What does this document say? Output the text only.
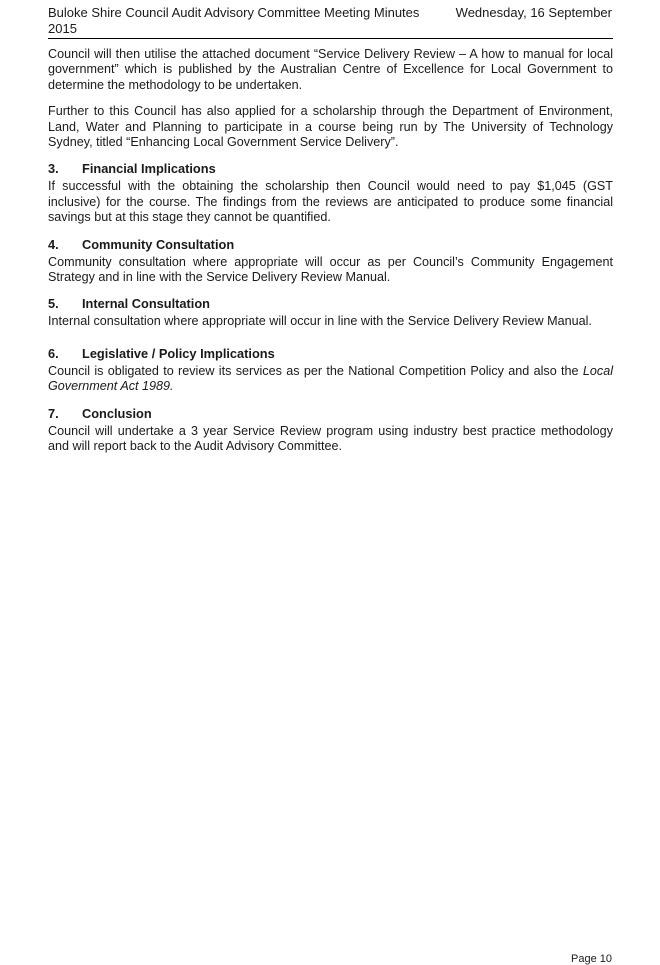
Buloke Shire Council Audit Advisory Committee Meeting Minutes 2015
Wednesday, 16 September

Council will then utilise the attached document “Service Delivery Review – A how to manual for local government” which is published by the Australian Centre of Excellence for Local Government to determine the methodology to be undertaken.

Further to this Council has also applied for a scholarship through the Department of Environment, Land, Water and Planning to participate in a course being run by The University of Technology Sydney, titled “Enhancing Local Government Service Delivery”.

3. Financial Implications

If successful with the obtaining the scholarship then Council would need to pay $1,045 (GST inclusive) for the course. The findings from the reviews are anticipated to produce some financial savings but at this stage they cannot be quantified.

4. Community Consultation

Community consultation where appropriate will occur as per Council’s Community Engagement Strategy and in line with the Service Delivery Review Manual.

5. Internal Consultation

Internal consultation where appropriate will occur in line with the Service Delivery Review Manual.

6. Legislative / Policy Implications

Council is obligated to review its services as per the National Competition Policy and also the Local Government Act 1989.

7. Conclusion

Council will undertake a 3 year Service Review program using industry best practice methodology and will report back to the Audit Advisory Committee.

Page 10
